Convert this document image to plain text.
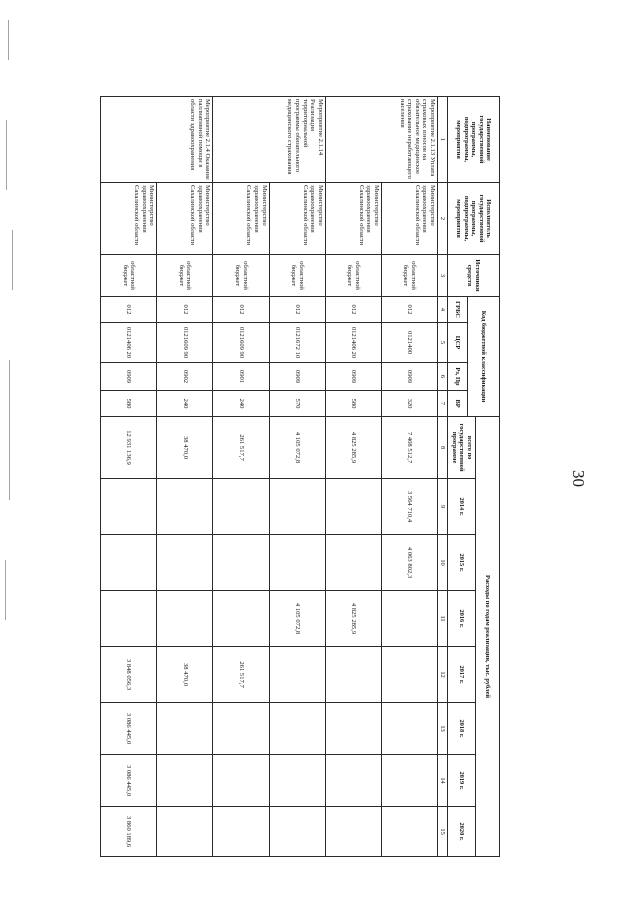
30
Наименование государственной программы, подпрограммы, мероприятия	Исполнитель государственной программы, подпрограммы, мероприятия	Источники средств	Код бюджетной классификации				Расходы по годам реализации, тыс. рублей							
							всего по государственной программе	2014 г.	2015 г.	2016 г.	2017 г.	2018 г.	2019 г.	2020 г.
			ГРБС	ЦСР	Рз, Пр	ВР								
1	2	3	4	5	6	7	8	9	10	11	12	13	14	15
Мероприятие 2.1.13 Уплата страховых взносов на обязательное медицинское страхование неработающего населения	Министерство здравоохранения Сахалинской области	областной бюджет	012	0121400	0909	320	7 408 512,7	3 564 710,4	4 063 802,3					
	Министерство здравоохранения Сахалинской области	областной бюджет	012	0121406 20	0909	580	4 825 285,9			4 825 285,9				
Мероприятие 2.1.14 Реализация территориальной программы обязательного медицинского страхования	Министерство здравоохранения Сахалинской области	областной бюджет	012	0121672 10	0909	570	4 105 072,8			4 105 072,8				
	Министерство здравоохранения Сахалинской области	областной бюджет	012	0121609 90	0901	240	261 517,7				261 517,7			
Мероприятие 2.1.4 Оказание паллиативной помощи в области здравоохранения	Министерство здравоохранения Сахалинской области	областной бюджет	012	0121609 90	0902	240	38 470,0				38 470,0			
	Министерство здравоохранения Сахалинской области	областной бюджет	012	0121406 20	0909	580	12 931 136,9				3 848 056,3	3 086 445,0	3 086 445,0	3 860 189,6
